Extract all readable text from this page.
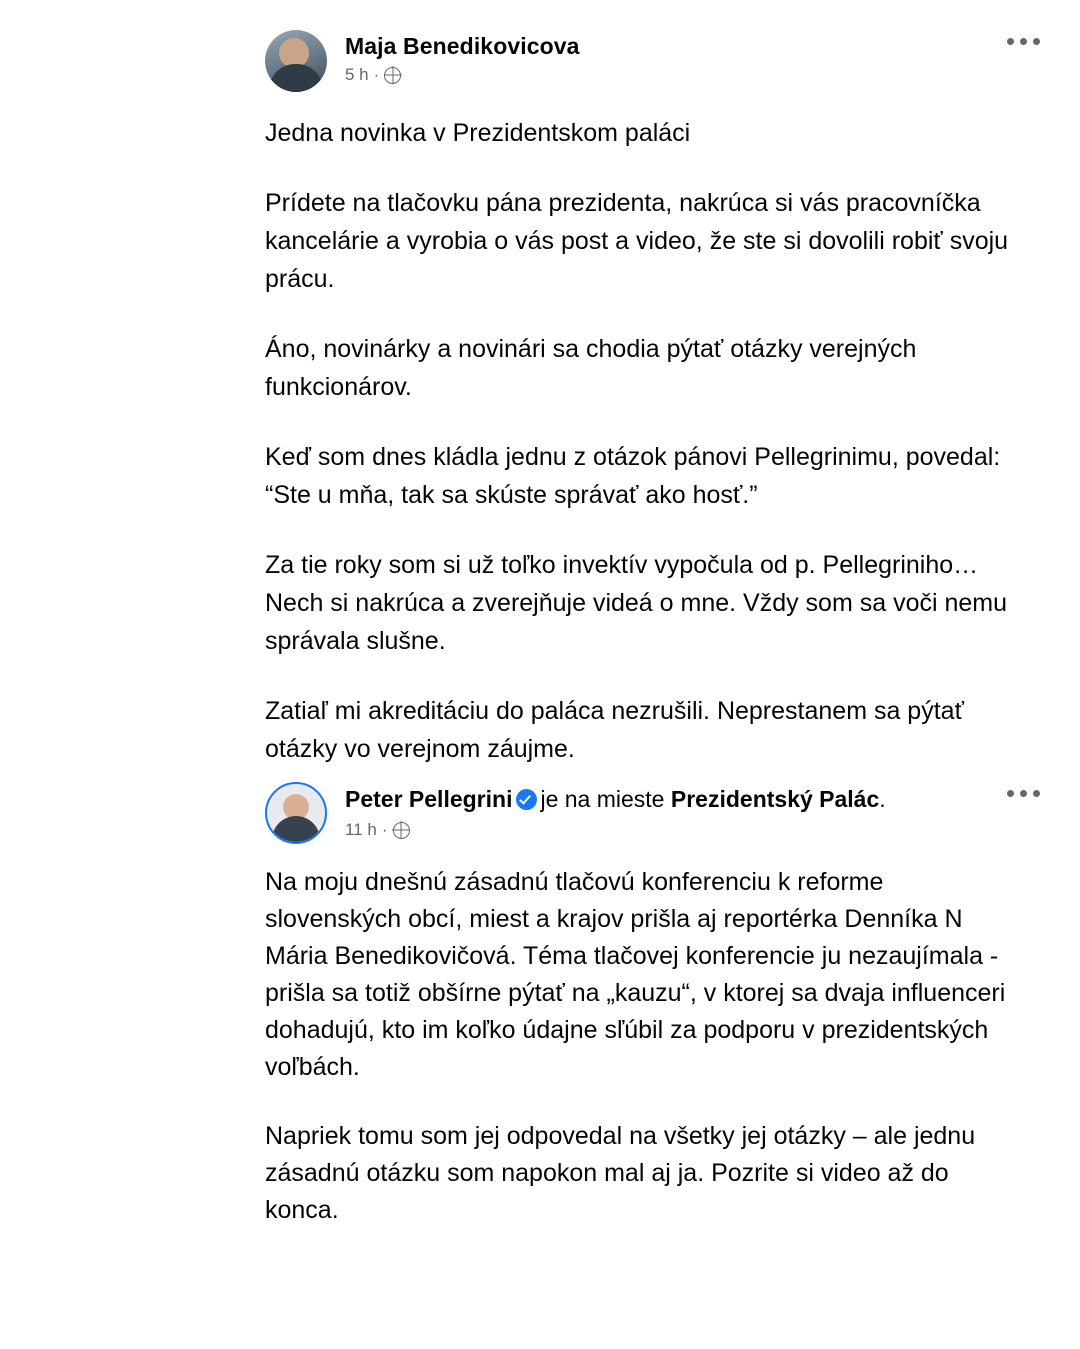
Maja Benedikovicova
5 h ·

Jedna novinka v Prezidentskom paláci

Prídete na tlačovku pána prezidenta, nakrúca si vás pracovníčka kancelárie a vyrobia o vás post a video, že ste si dovolili robiť svoju prácu.

Áno, novinárky a novinári sa chodia pýtať otázky verejných funkcionárov.

Keď som dnes kládla jednu z otázok pánovi Pellegrinimu, povedal: “Ste u mňa, tak sa skúste správať ako hosť.”

Za tie roky som si už toľko invektív vypočula od p. Pellegriniho… Nech si nakrúca a zverejňuje videá o mne. Vždy som sa voči nemu správala slušne.

Zatiaľ mi akreditáciu do paláca nezrušili. Neprestanem sa pýtať otázky vo verejnom záujme.

Peter Pellegrini je na mieste Prezidentský Palác.
11 h ·

Na moju dnešnú zásadnú tlačovú konferenciu k reforme slovenských obcí, miest a krajov prišla aj reportérka Denníka N Mária Benedikovičová. Téma tlačovej konferencie ju nezaujímala - prišla sa totiž obšírne pýtať na „kauzu“, v ktorej sa dvaja influenceri dohadujú, kto im koľko údajne sľúbil za podporu v prezidentských voľbách.

Napriek tomu som jej odpovedal na všetky jej otázky – ale jednu zásadnú otázku som napokon mal aj ja. Pozrite si video až do konca.
